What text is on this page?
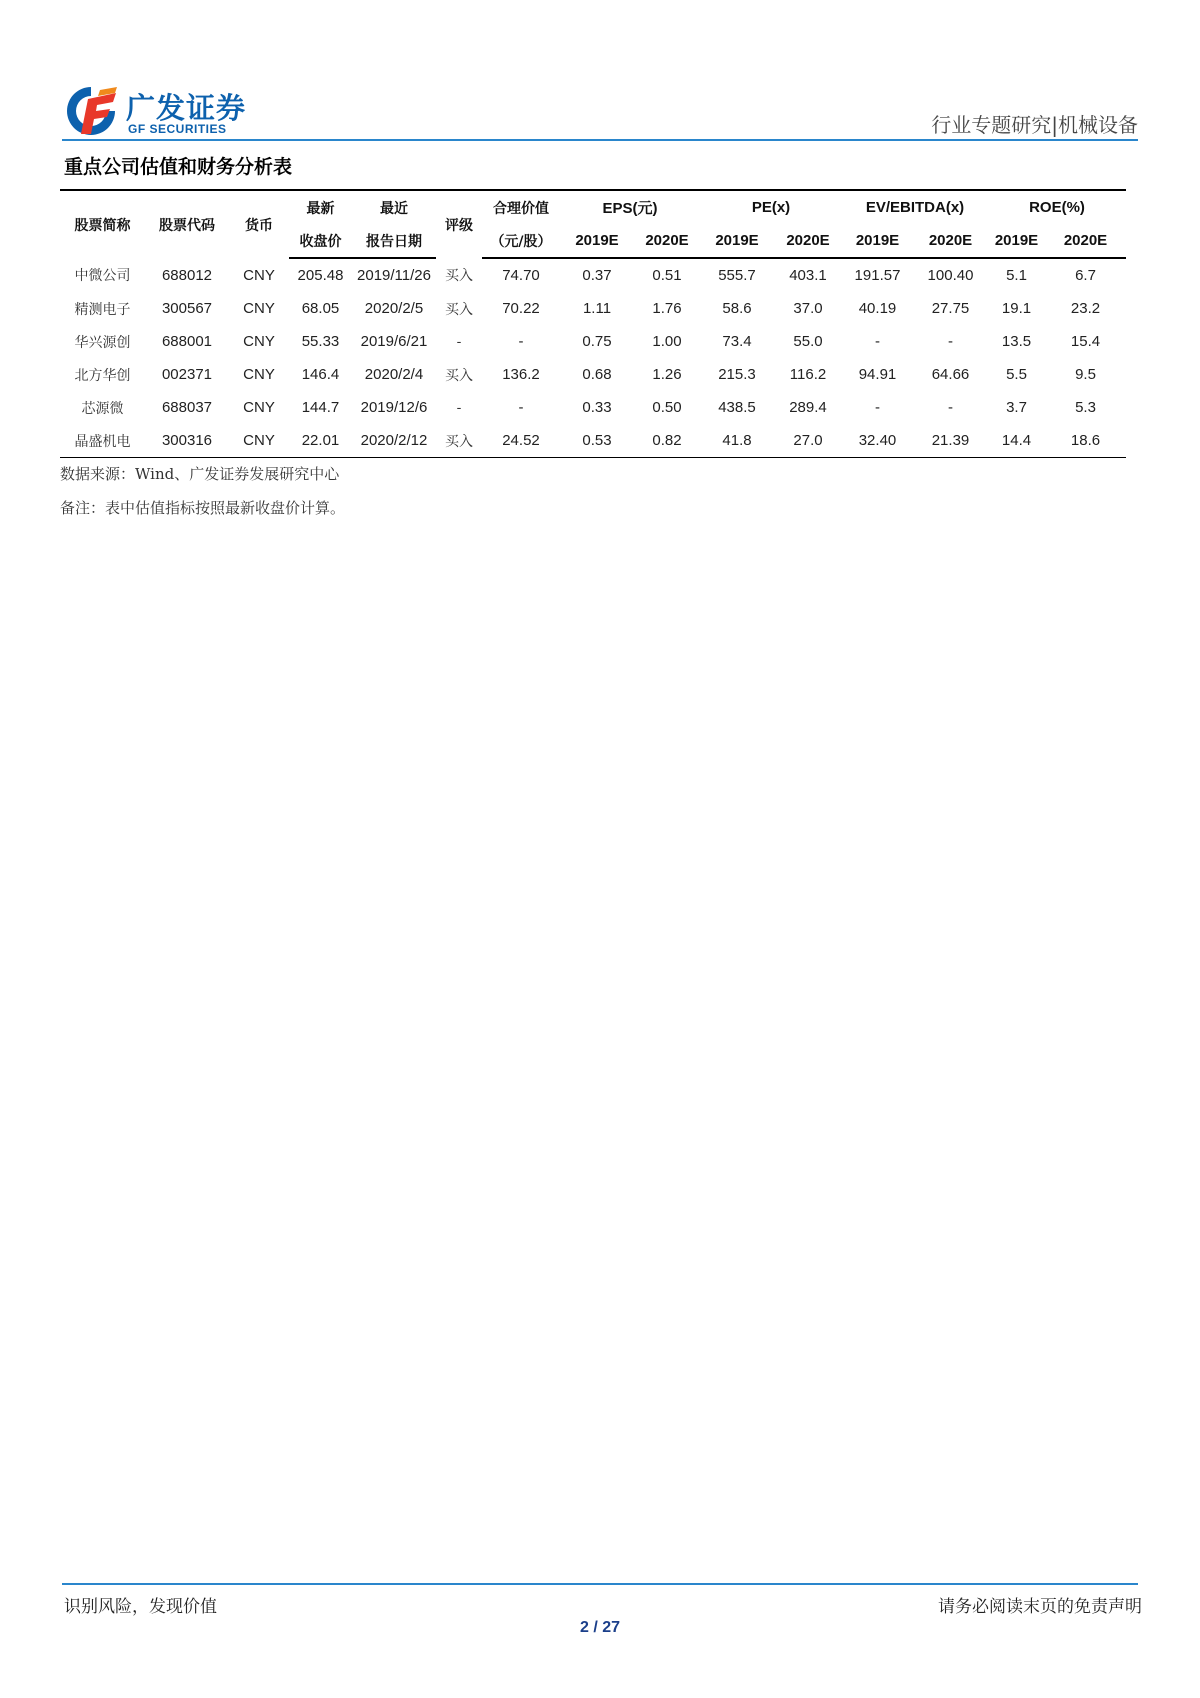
广发证券
GF SECURITIES	行业专题研究|机械设备
重点公司估值和财务分析表
股票简称	股票代码	货币	最新	最近	评级	合理价值	EPS(元)		PE(x)		EV/EBITDA(x)		ROE(%)	
			收盘价	报告日期		（元/股）	2019E	2020E	2019E	2020E	2019E	2020E	2019E	2020E
中微公司	688012	CNY	205.48	2019/11/26	买入	74.70	0.37	0.51	555.7	403.1	191.57	100.40	5.1	6.7
精测电子	300567	CNY	68.05	2020/2/5	买入	70.22	1.11	1.76	58.6	37.0	40.19	27.75	19.1	23.2
华兴源创	688001	CNY	55.33	2019/6/21	-	-	0.75	1.00	73.4	55.0	-	-	13.5	15.4
北方华创	002371	CNY	146.4	2020/2/4	买入	136.2	0.68	1.26	215.3	116.2	94.91	64.66	5.5	9.5
芯源微	688037	CNY	144.7	2019/12/6	-	-	0.33	0.50	438.5	289.4	-	-	3.7	5.3
晶盛机电	300316	CNY	22.01	2020/2/12	买入	24.52	0.53	0.82	41.8	27.0	32.40	21.39	14.4	18.6
数据来源：Wind、广发证券发展研究中心
备注：表中估值指标按照最新收盘价计算。
识别风险，发现价值	请务必阅读末页的免责声明
2 / 27
